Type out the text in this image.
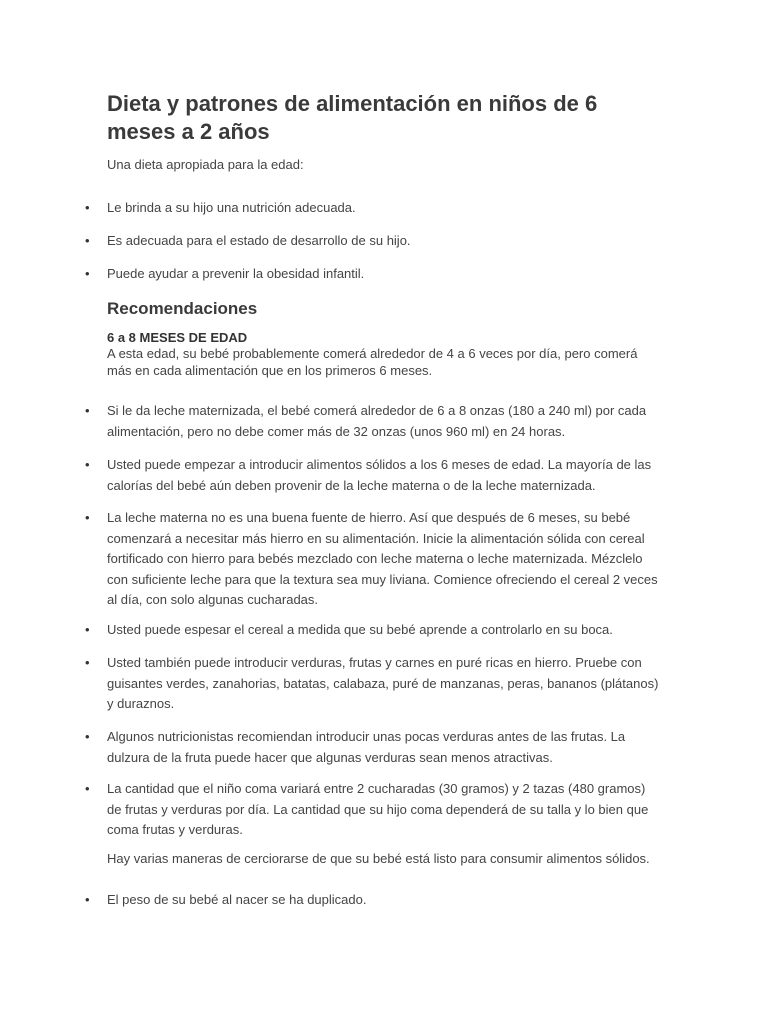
Dieta y patrones de alimentación en niños de 6 meses a 2 años

Una dieta apropiada para la edad:

• Le brinda a su hijo una nutrición adecuada.
• Es adecuada para el estado de desarrollo de su hijo.
• Puede ayudar a prevenir la obesidad infantil.
Recomendaciones
6 a 8 MESES DE EDAD

A esta edad, su bebé probablemente comerá alrededor de 4 a 6 veces por día, pero comerá más en cada alimentación que en los primeros 6 meses.

• Si le da leche maternizada, el bebé comerá alrededor de 6 a 8 onzas (180 a 240 ml) por cada alimentación, pero no debe comer más de 32 onzas (unos 960 ml) en 24 horas.
• Usted puede empezar a introducir alimentos sólidos a los 6 meses de edad. La mayoría de las calorías del bebé aún deben provenir de la leche materna o de la leche maternizada.
• La leche materna no es una buena fuente de hierro. Así que después de 6 meses, su bebé comenzará a necesitar más hierro en su alimentación. Inicie la alimentación sólida con cereal fortificado con hierro para bebés mezclado con leche materna o leche maternizada. Mézclelo con suficiente leche para que la textura sea muy liviana. Comience ofreciendo el cereal 2 veces al día, con solo algunas cucharadas.
• Usted puede espesar el cereal a medida que su bebé aprende a controlarlo en su boca.
• Usted también puede introducir verduras, frutas y carnes en puré ricas en hierro. Pruebe con guisantes verdes, zanahorias, batatas, calabaza, puré de manzanas, peras, bananos (plátanos) y duraznos.
• Algunos nutricionistas recomiendan introducir unas pocas verduras antes de las frutas. La dulzura de la fruta puede hacer que algunas verduras sean menos atractivas.
• La cantidad que el niño coma variará entre 2 cucharadas (30 gramos) y 2 tazas (480 gramos) de frutas y verduras por día. La cantidad que su hijo coma dependerá de su talla y lo bien que coma frutas y verduras.

Hay varias maneras de cerciorarse de que su bebé está listo para consumir alimentos sólidos.

• El peso de su bebé al nacer se ha duplicado.
